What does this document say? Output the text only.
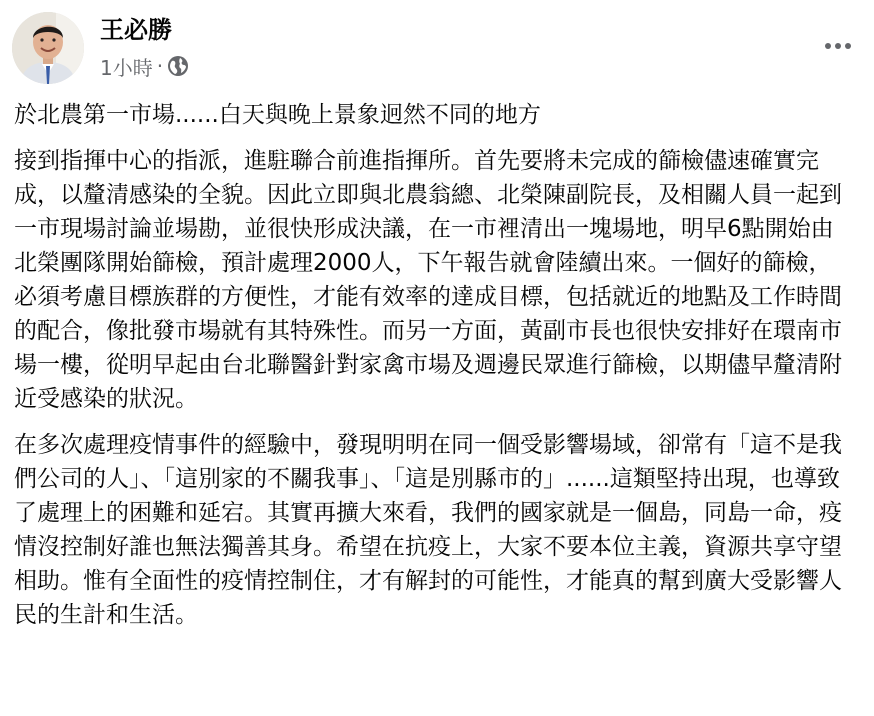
王必勝
1小時 ·

於北農第一市場......白天與晚上景象迥然不同的地方

接到指揮中心的指派，進駐聯合前進指揮所。首先要將未完成的篩檢儘速確實完成，以釐清感染的全貌。因此立即與北農翁總、北榮陳副院長，及相關人員一起到一市現場討論並場勘，並很快形成決議，在一市裡清出一塊場地，明早6點開始由北榮團隊開始篩檢，預計處理2000人，下午報告就會陸續出來。一個好的篩檢，必須考慮目標族群的方便性，才能有效率的達成目標，包括就近的地點及工作時間的配合，像批發市場就有其特殊性。而另一方面，黃副市長也很快安排好在環南市場一樓，從明早起由台北聯醫針對家禽市場及週邊民眾進行篩檢，以期儘早釐清附近受感染的狀況。

在多次處理疫情事件的經驗中，發現明明在同一個受影響場域，卻常有「這不是我們公司的人」、「這別家的不關我事」、「這是別縣市的」......這類堅持出現，也導致了處理上的困難和延宕。其實再擴大來看，我們的國家就是一個島，同島一命，疫情沒控制好誰也無法獨善其身。希望在抗疫上，大家不要本位主義，資源共享守望相助。惟有全面性的疫情控制住，才有解封的可能性，才能真的幫到廣大受影響人民的生計和生活。
